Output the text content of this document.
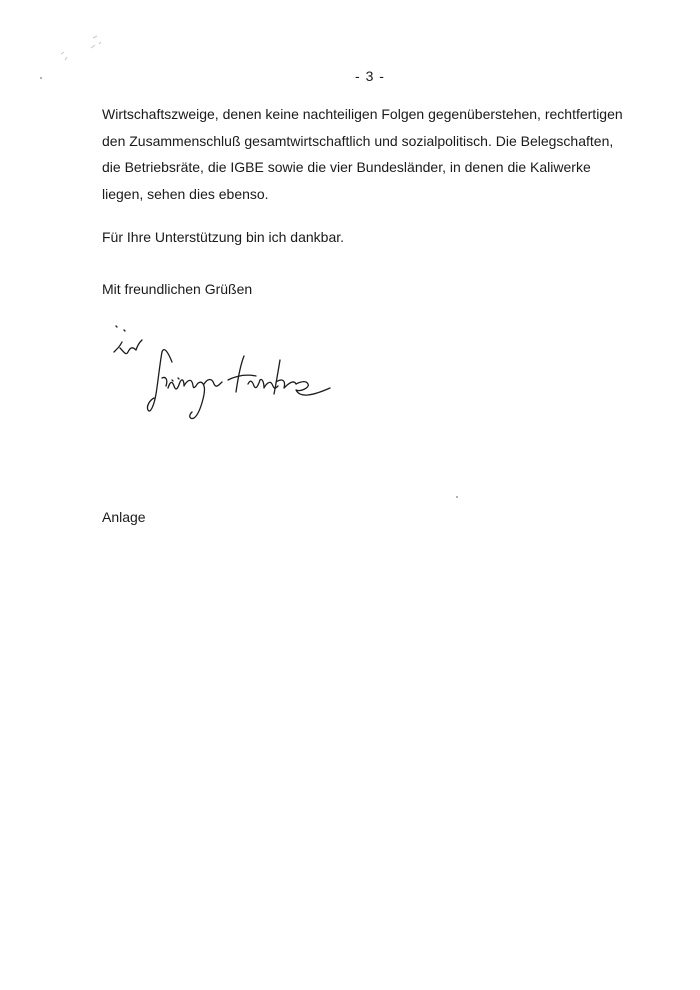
- 3 -

Wirtschaftszweige, denen keine nachteiligen Folgen gegenüberstehen, rechtfertigen
den Zusammenschluß gesamtwirtschaftlich und sozialpolitisch. Die Belegschaften,
die Betriebsräte, die IGBE sowie die vier Bundesländer, in denen die Kaliwerke
liegen, sehen dies ebenso.

Für Ihre Unterstützung bin ich dankbar.

Mit freundlichen Grüßen

Anlage
